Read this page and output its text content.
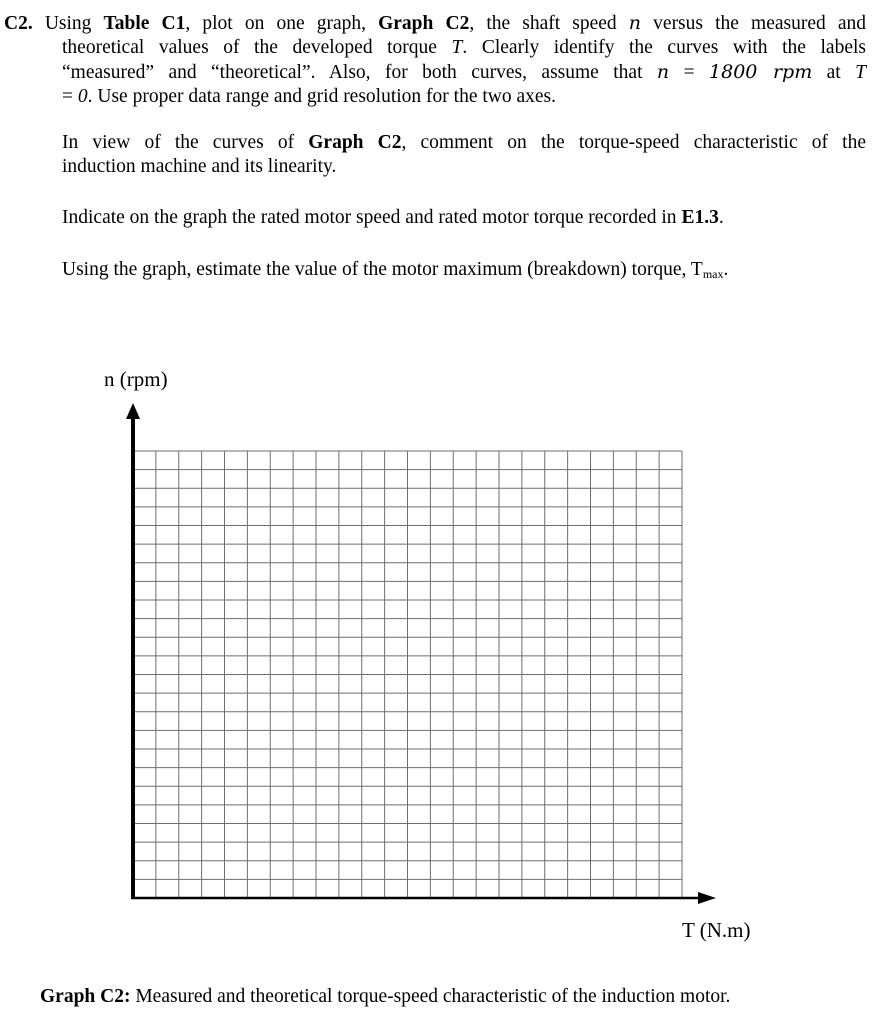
C2. Using Table C1, plot on one graph, Graph C2, the shaft speed n versus the measured and
theoretical values of the developed torque T. Clearly identify the curves with the labels
“measured” and “theoretical”. Also, for both curves, assume that n = 1800 rpm at T
= 0. Use proper data range and grid resolution for the two axes.
In view of the curves of Graph C2, comment on the torque-speed characteristic of the
induction machine and its linearity.
Indicate on the graph the rated motor speed and rated motor torque recorded in E1.3.
Using the graph, estimate the value of the motor maximum (breakdown) torque, $T_{max}$.
n (rpm)
T (N.m)
Graph C2: Measured and theoretical torque-speed characteristic of the induction motor.
